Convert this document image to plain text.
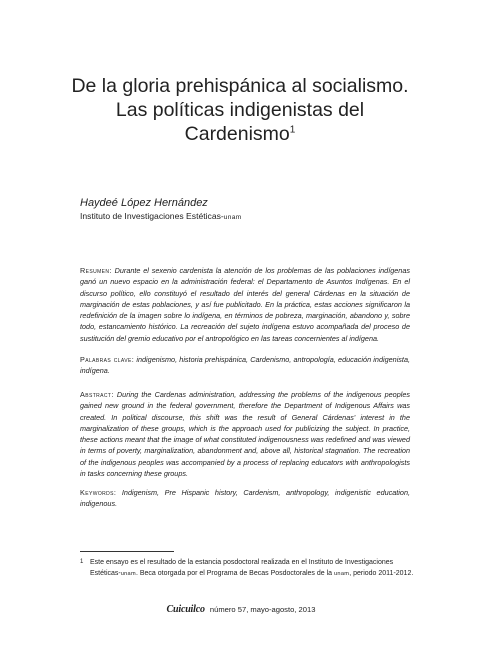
De la gloria prehispánica al socialismo.
Las políticas indigenistas del
Cardenismo$^1$
Haydeé López Hernández
Instituto de Investigaciones Estéticas-unam
Resumen: Durante el sexenio cardenista la atención de los problemas de las poblaciones indígenas ganó un nuevo espacio en la administración federal: el Departamento de Asuntos Indígenas. En el discurso político, ello constituyó el resultado del interés del general Cárdenas en la situación de marginación de estas poblaciones, y así fue publicitado. En la práctica, estas acciones significaron la redefinición de la imagen sobre lo indígena, en términos de pobreza, marginación, abandono y, sobre todo, estancamiento histórico. La recreación del sujeto indígena estuvo acompañada del proceso de sustitución del gremio educativo por el antropológico en las tareas concernientes al indígena.
Palabras clave: indigenismo, historia prehispánica, Cardenismo, antropología, educación indigenista, indígena.
Abstract: During the Cardenas administration, addressing the problems of the indigenous peoples gained new ground in the federal government, therefore the Department of Indigenous Affairs was created. In political discourse, this shift was the result of General Cárdenas' interest in the marginalization of these groups, which is the approach used for publicizing the subject. In practice, these actions meant that the image of what constituted indigenousness was redefined and was viewed in terms of poverty, marginalization, abandonment and, above all, historical stagnation. The recreation of the indigenous peoples was accompanied by a process of replacing educators with anthropologists in tasks concerning these groups.
Keywords: Indigenism, Pre Hispanic history, Cardenism, anthropology, indigenistic education, indigenous.
1 Este ensayo es el resultado de la estancia posdoctoral realizada en el Instituto de Investigaciones Estéticas-unam. Beca otorgada por el Programa de Becas Posdoctorales de la unam, periodo 2011-2012.
Cuicuilco número 57, mayo-agosto, 2013
